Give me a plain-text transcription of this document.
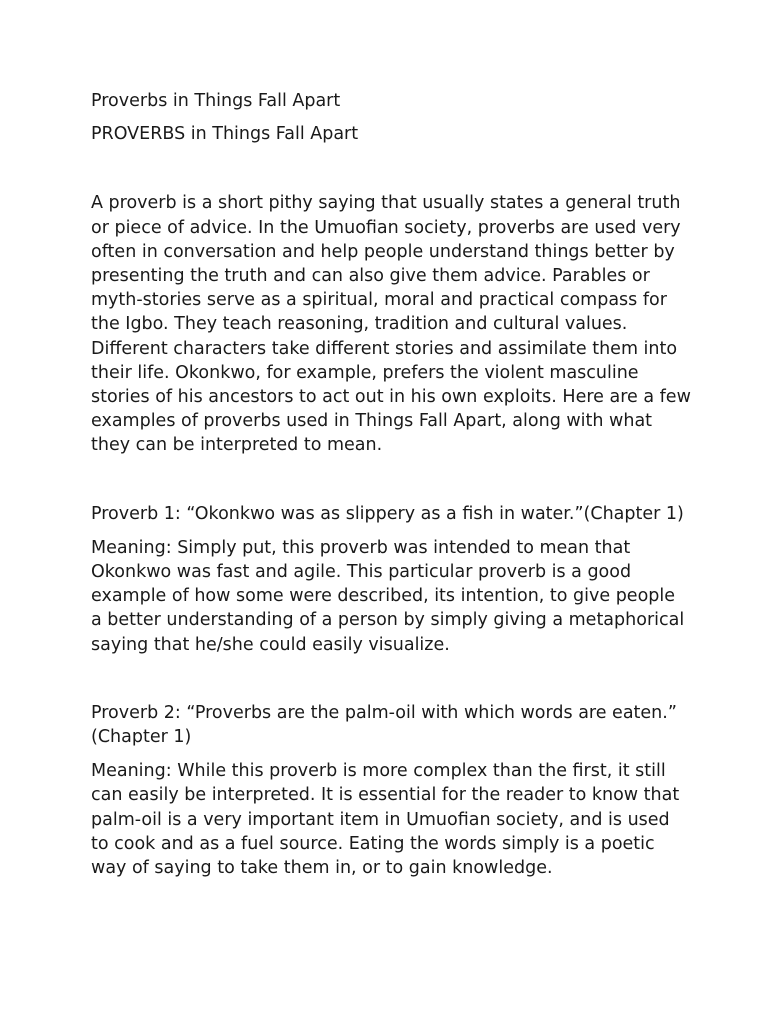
Proverbs in Things Fall Apart

PROVERBS in Things Fall Apart

A proverb is a short pithy saying that usually states a general truth or piece of advice. In the Umuofian society, proverbs are used very often in conversation and help people understand things better by presenting the truth and can also give them advice. Parables or myth-stories serve as a spiritual, moral and practical compass for the Igbo. They teach reasoning, tradition and cultural values. Different characters take different stories and assimilate them into their life. Okonkwo, for example, prefers the violent masculine stories of his ancestors to act out in his own exploits. Here are a few examples of proverbs used in Things Fall Apart, along with what they can be interpreted to mean.

Proverb 1: “Okonkwo was as slippery as a fish in water.”(Chapter 1)

Meaning: Simply put, this proverb was intended to mean that Okonkwo was fast and agile. This particular proverb is a good example of how some were described, its intention, to give people a better understanding of a person by simply giving a metaphorical saying that he/she could easily visualize.

Proverb 2: “Proverbs are the palm-oil with which words are eaten.” (Chapter 1)

Meaning: While this proverb is more complex than the first, it still can easily be interpreted. It is essential for the reader to know that palm-oil is a very important item in Umuofian society, and is used to cook and as a fuel source. Eating the words simply is a poetic way of saying to take them in, or to gain knowledge.
